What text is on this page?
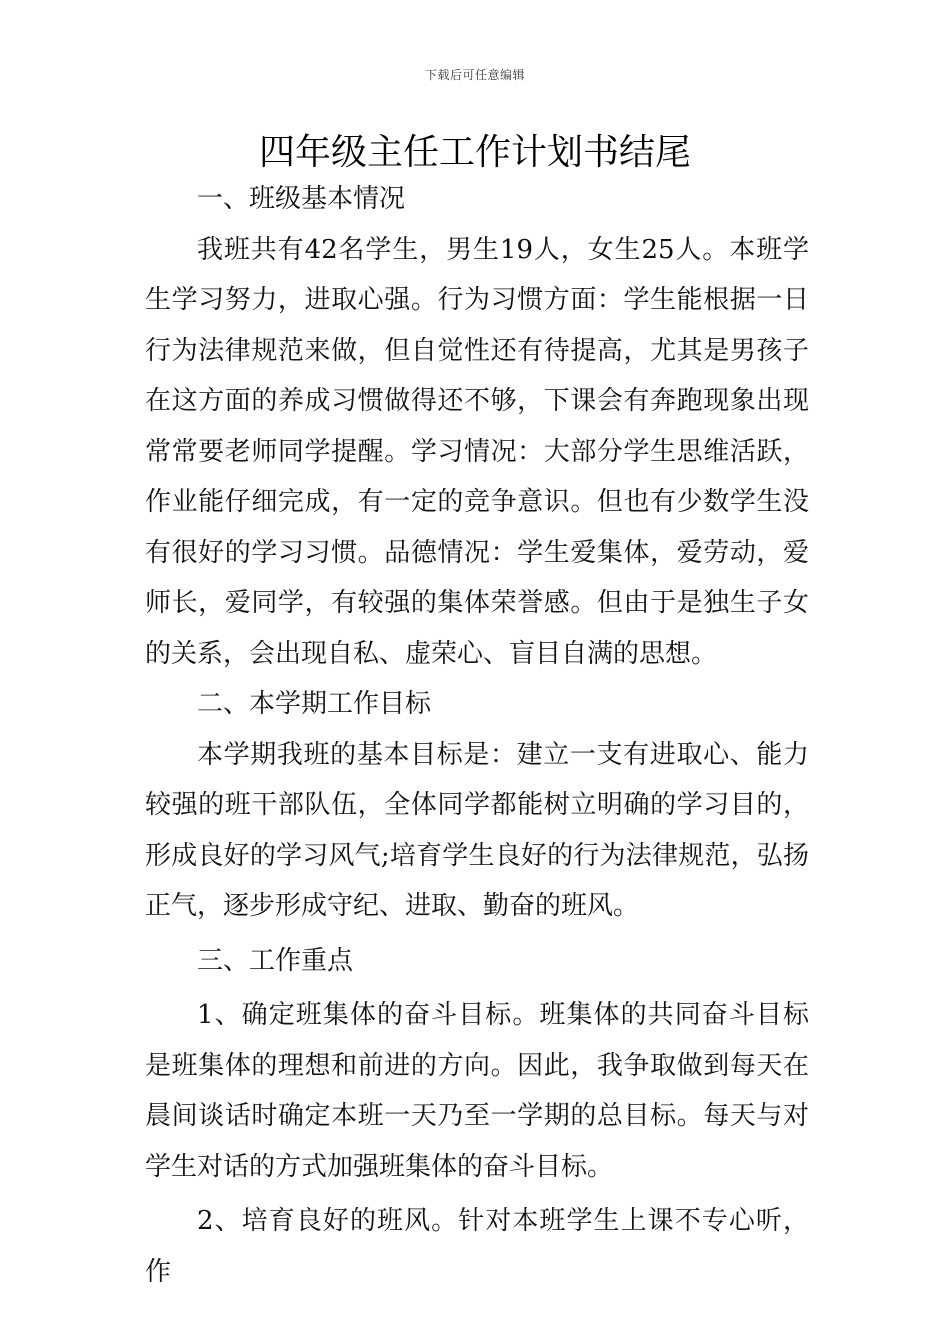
下载后可任意编辑
四年级主任工作计划书结尾

一、班级基本情况

我班共有42名学生，男生19人，女生25人。本班学生学习努力，进取心强。行为习惯方面：学生能根据一日行为法律规范来做，但自觉性还有待提高，尤其是男孩子在这方面的养成习惯做得还不够，下课会有奔跑现象出现常常要老师同学提醒。学习情况：大部分学生思维活跃，作业能仔细完成，有一定的竞争意识。但也有少数学生没有很好的学习习惯。品德情况：学生爱集体，爱劳动，爱师长，爱同学，有较强的集体荣誉感。但由于是独生子女的关系，会出现自私、虚荣心、盲目自满的思想。

二、本学期工作目标

本学期我班的基本目标是：建立一支有进取心、能力较强的班干部队伍，全体同学都能树立明确的学习目的，形成良好的学习风气;培育学生良好的行为法律规范，弘扬正气，逐步形成守纪、进取、勤奋的班风。

三、工作重点

1、确定班集体的奋斗目标。班集体的共同奋斗目标是班集体的理想和前进的方向。因此，我争取做到每天在晨间谈话时确定本班一天乃至一学期的总目标。每天与对学生对话的方式加强班集体的奋斗目标。

2、培育良好的班风。针对本班学生上课不专心听，作
